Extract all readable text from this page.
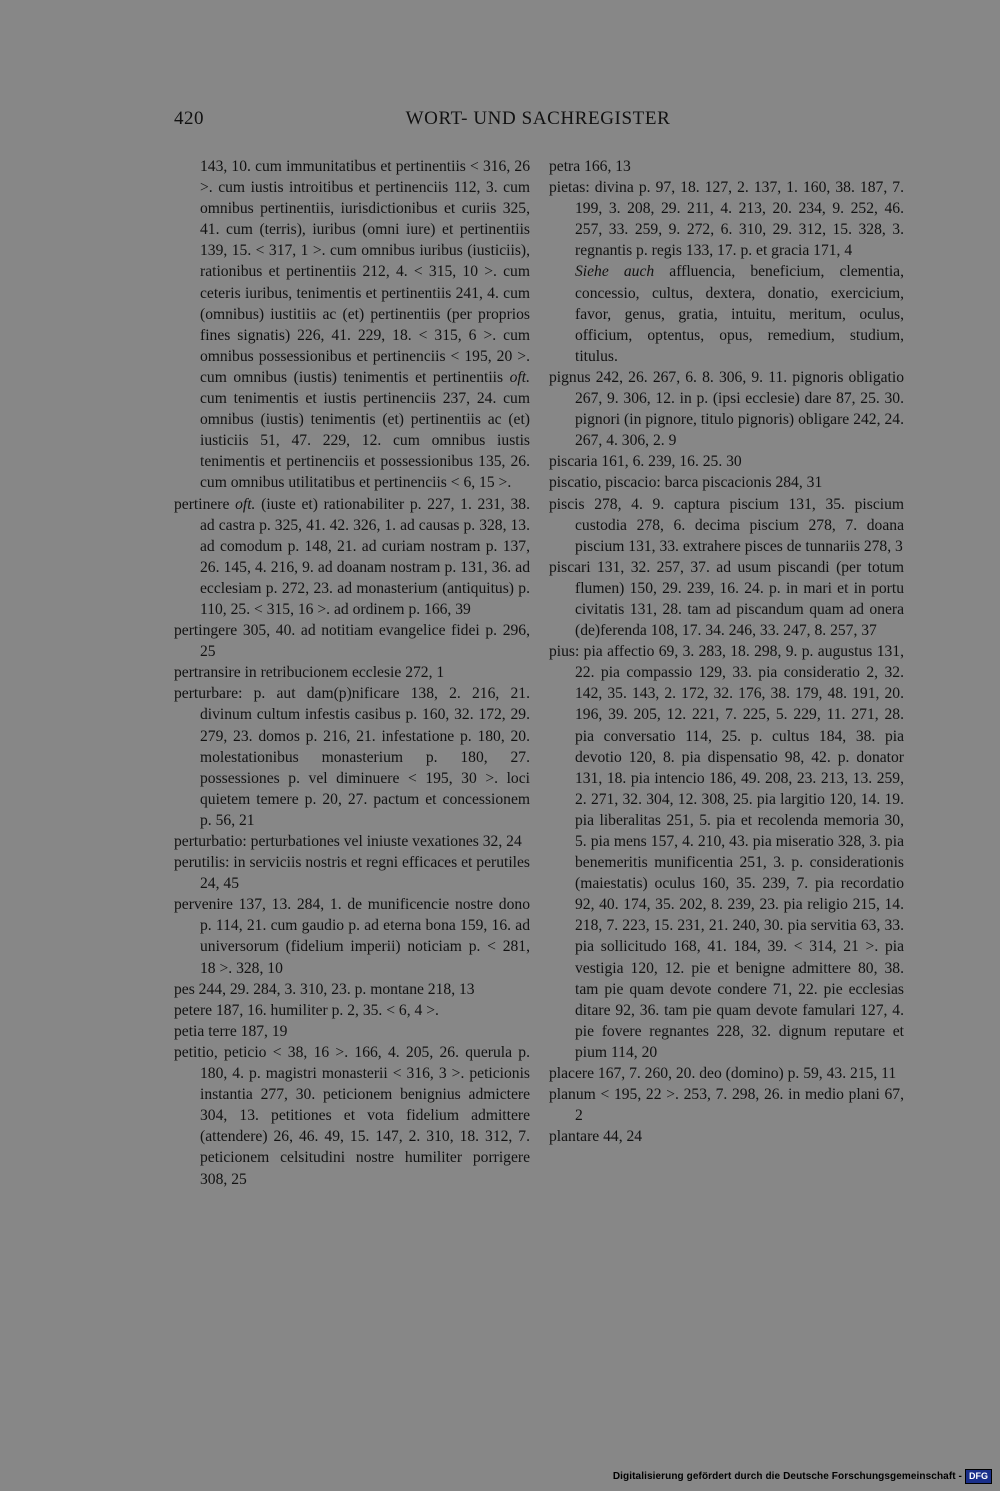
420	WORT- UND SACHREGISTER

143, 10. cum immunitatibus et pertinentiis < 316, 26 >. cum iustis introitibus et pertinenciis 112, 3. cum omnibus pertinentiis, iurisdictionibus et curiis 325, 41. cum (terris), iuribus (omni iure) et pertinentiis 139, 15. < 317, 1 >. cum omnibus iuribus (iusticiis), rationibus et pertinentiis 212, 4. < 315, 10 >. cum ceteris iuribus, tenimentis et pertinentiis 241, 4. cum (omnibus) iustitiis ac (et) pertinentiis (per proprios fines signatis) 226, 41. 229, 18. < 315, 6 >. cum omnibus possessionibus et pertinenciis < 195, 20 >. cum omnibus (iustis) tenimentis et pertinentiis oft. cum tenimentis et iustis pertinenciis 237, 24. cum omnibus (iustis) tenimentis (et) pertinentiis ac (et) iusticiis 51, 47. 229, 12. cum omnibus iustis tenimentis et pertinenciis et possessionibus 135, 26. cum omnibus utilitatibus et pertinenciis < 6, 15 >.

pertinere oft. (iuste et) rationabiliter p. 227, 1. 231, 38. ad castra p. 325, 41. 42. 326, 1. ad causas p. 328, 13. ad comodum p. 148, 21. ad curiam nostram p. 137, 26. 145, 4. 216, 9. ad doanam nostram p. 131, 36. ad ecclesiam p. 272, 23. ad monasterium (antiquitus) p. 110, 25. < 315, 16 >. ad ordinem p. 166, 39

pertingere 305, 40. ad notitiam evangelice fidei p. 296, 25

pertransire in retribucionem ecclesie 272, 1

perturbare: p. aut dam(p)nificare 138, 2. 216, 21. divinum cultum infestis casibus p. 160, 32. 172, 29. 279, 23. domos p. 216, 21. infestatione p. 180, 20. molestationibus monasterium p. 180, 27. possessiones p. vel diminuere < 195, 30 >. loci quietem temere p. 20, 27. pactum et concessionem p. 56, 21

perturbatio: perturbationes vel iniuste vexationes 32, 24

perutilis: in serviciis nostris et regni efficaces et perutiles 24, 45

pervenire 137, 13. 284, 1. de munificencie nostre dono p. 114, 21. cum gaudio p. ad eterna bona 159, 16. ad universorum (fidelium imperii) noticiam p. < 281, 18 >. 328, 10

pes 244, 29. 284, 3. 310, 23. p. montane 218, 13

petere 187, 16. humiliter p. 2, 35. < 6, 4 >.

petia terre 187, 19

petitio, peticio < 38, 16 >. 166, 4. 205, 26. querula p. 180, 4. p. magistri monasterii < 316, 3 >. peticionis instantia 277, 30. peticionem benignius admictere 304, 13. petitiones et vota fidelium admittere (attendere) 26, 46. 49, 15. 147, 2. 310, 18. 312, 7. peticionem celsitudini nostre humiliter porrigere 308, 25

petra 166, 13

pietas: divina p. 97, 18. 127, 2. 137, 1. 160, 38. 187, 7. 199, 3. 208, 29. 211, 4. 213, 20. 234, 9. 252, 46. 257, 33. 259, 9. 272, 6. 310, 29. 312, 15. 328, 3. regnantis p. regis 133, 17. p. et gracia 171, 4

Siehe auch affluencia, beneficium, clementia, concessio, cultus, dextera, donatio, exercicium, favor, genus, gratia, intuitu, meritum, oculus, officium, optentus, opus, remedium, studium, titulus.

pignus 242, 26. 267, 6. 8. 306, 9. 11. pignoris obligatio 267, 9. 306, 12. in p. (ipsi ecclesie) dare 87, 25. 30. pignori (in pignore, titulo pignoris) obligare 242, 24. 267, 4. 306, 2. 9

piscaria 161, 6. 239, 16. 25. 30

piscatio, piscacio: barca piscacionis 284, 31

piscis 278, 4. 9. captura piscium 131, 35. piscium custodia 278, 6. decima piscium 278, 7. doana piscium 131, 33. extrahere pisces de tunnariis 278, 3

piscari 131, 32. 257, 37. ad usum piscandi (per totum flumen) 150, 29. 239, 16. 24. p. in mari et in portu civitatis 131, 28. tam ad piscandum quam ad onera (de)ferenda 108, 17. 34. 246, 33. 247, 8. 257, 37

pius: pia affectio 69, 3. 283, 18. 298, 9. p. augustus 131, 22. pia compassio 129, 33. pia consideratio 2, 32. 142, 35. 143, 2. 172, 32. 176, 38. 179, 48. 191, 20. 196, 39. 205, 12. 221, 7. 225, 5. 229, 11. 271, 28. pia conversatio 114, 25. p. cultus 184, 38. pia devotio 120, 8. pia dispensatio 98, 42. p. donator 131, 18. pia intencio 186, 49. 208, 23. 213, 13. 259, 2. 271, 32. 304, 12. 308, 25. pia largitio 120, 14. 19. pia liberalitas 251, 5. pia et recolenda memoria 30, 5. pia mens 157, 4. 210, 43. pia miseratio 328, 3. pia benemeritis munificentia 251, 3. p. considerationis (maiestatis) oculus 160, 35. 239, 7. pia recordatio 92, 40. 174, 35. 202, 8. 239, 23. pia religio 215, 14. 218, 7. 223, 15. 231, 21. 240, 30. pia servitia 63, 33. pia sollicitudo 168, 41. 184, 39. < 314, 21 >. pia vestigia 120, 12. pie et benigne admittere 80, 38. tam pie quam devote condere 71, 22. pie ecclesias ditare 92, 36. tam pie quam devote famulari 127, 4. pie fovere regnantes 228, 32. dignum reputare et pium 114, 20

placere 167, 7. 260, 20. deo (domino) p. 59, 43. 215, 11

planum < 195, 22 >. 253, 7. 298, 26. in medio plani 67, 2

plantare 44, 24

Digitalisierung gefördert durch die Deutsche Forschungsgemeinschaft - DFG
